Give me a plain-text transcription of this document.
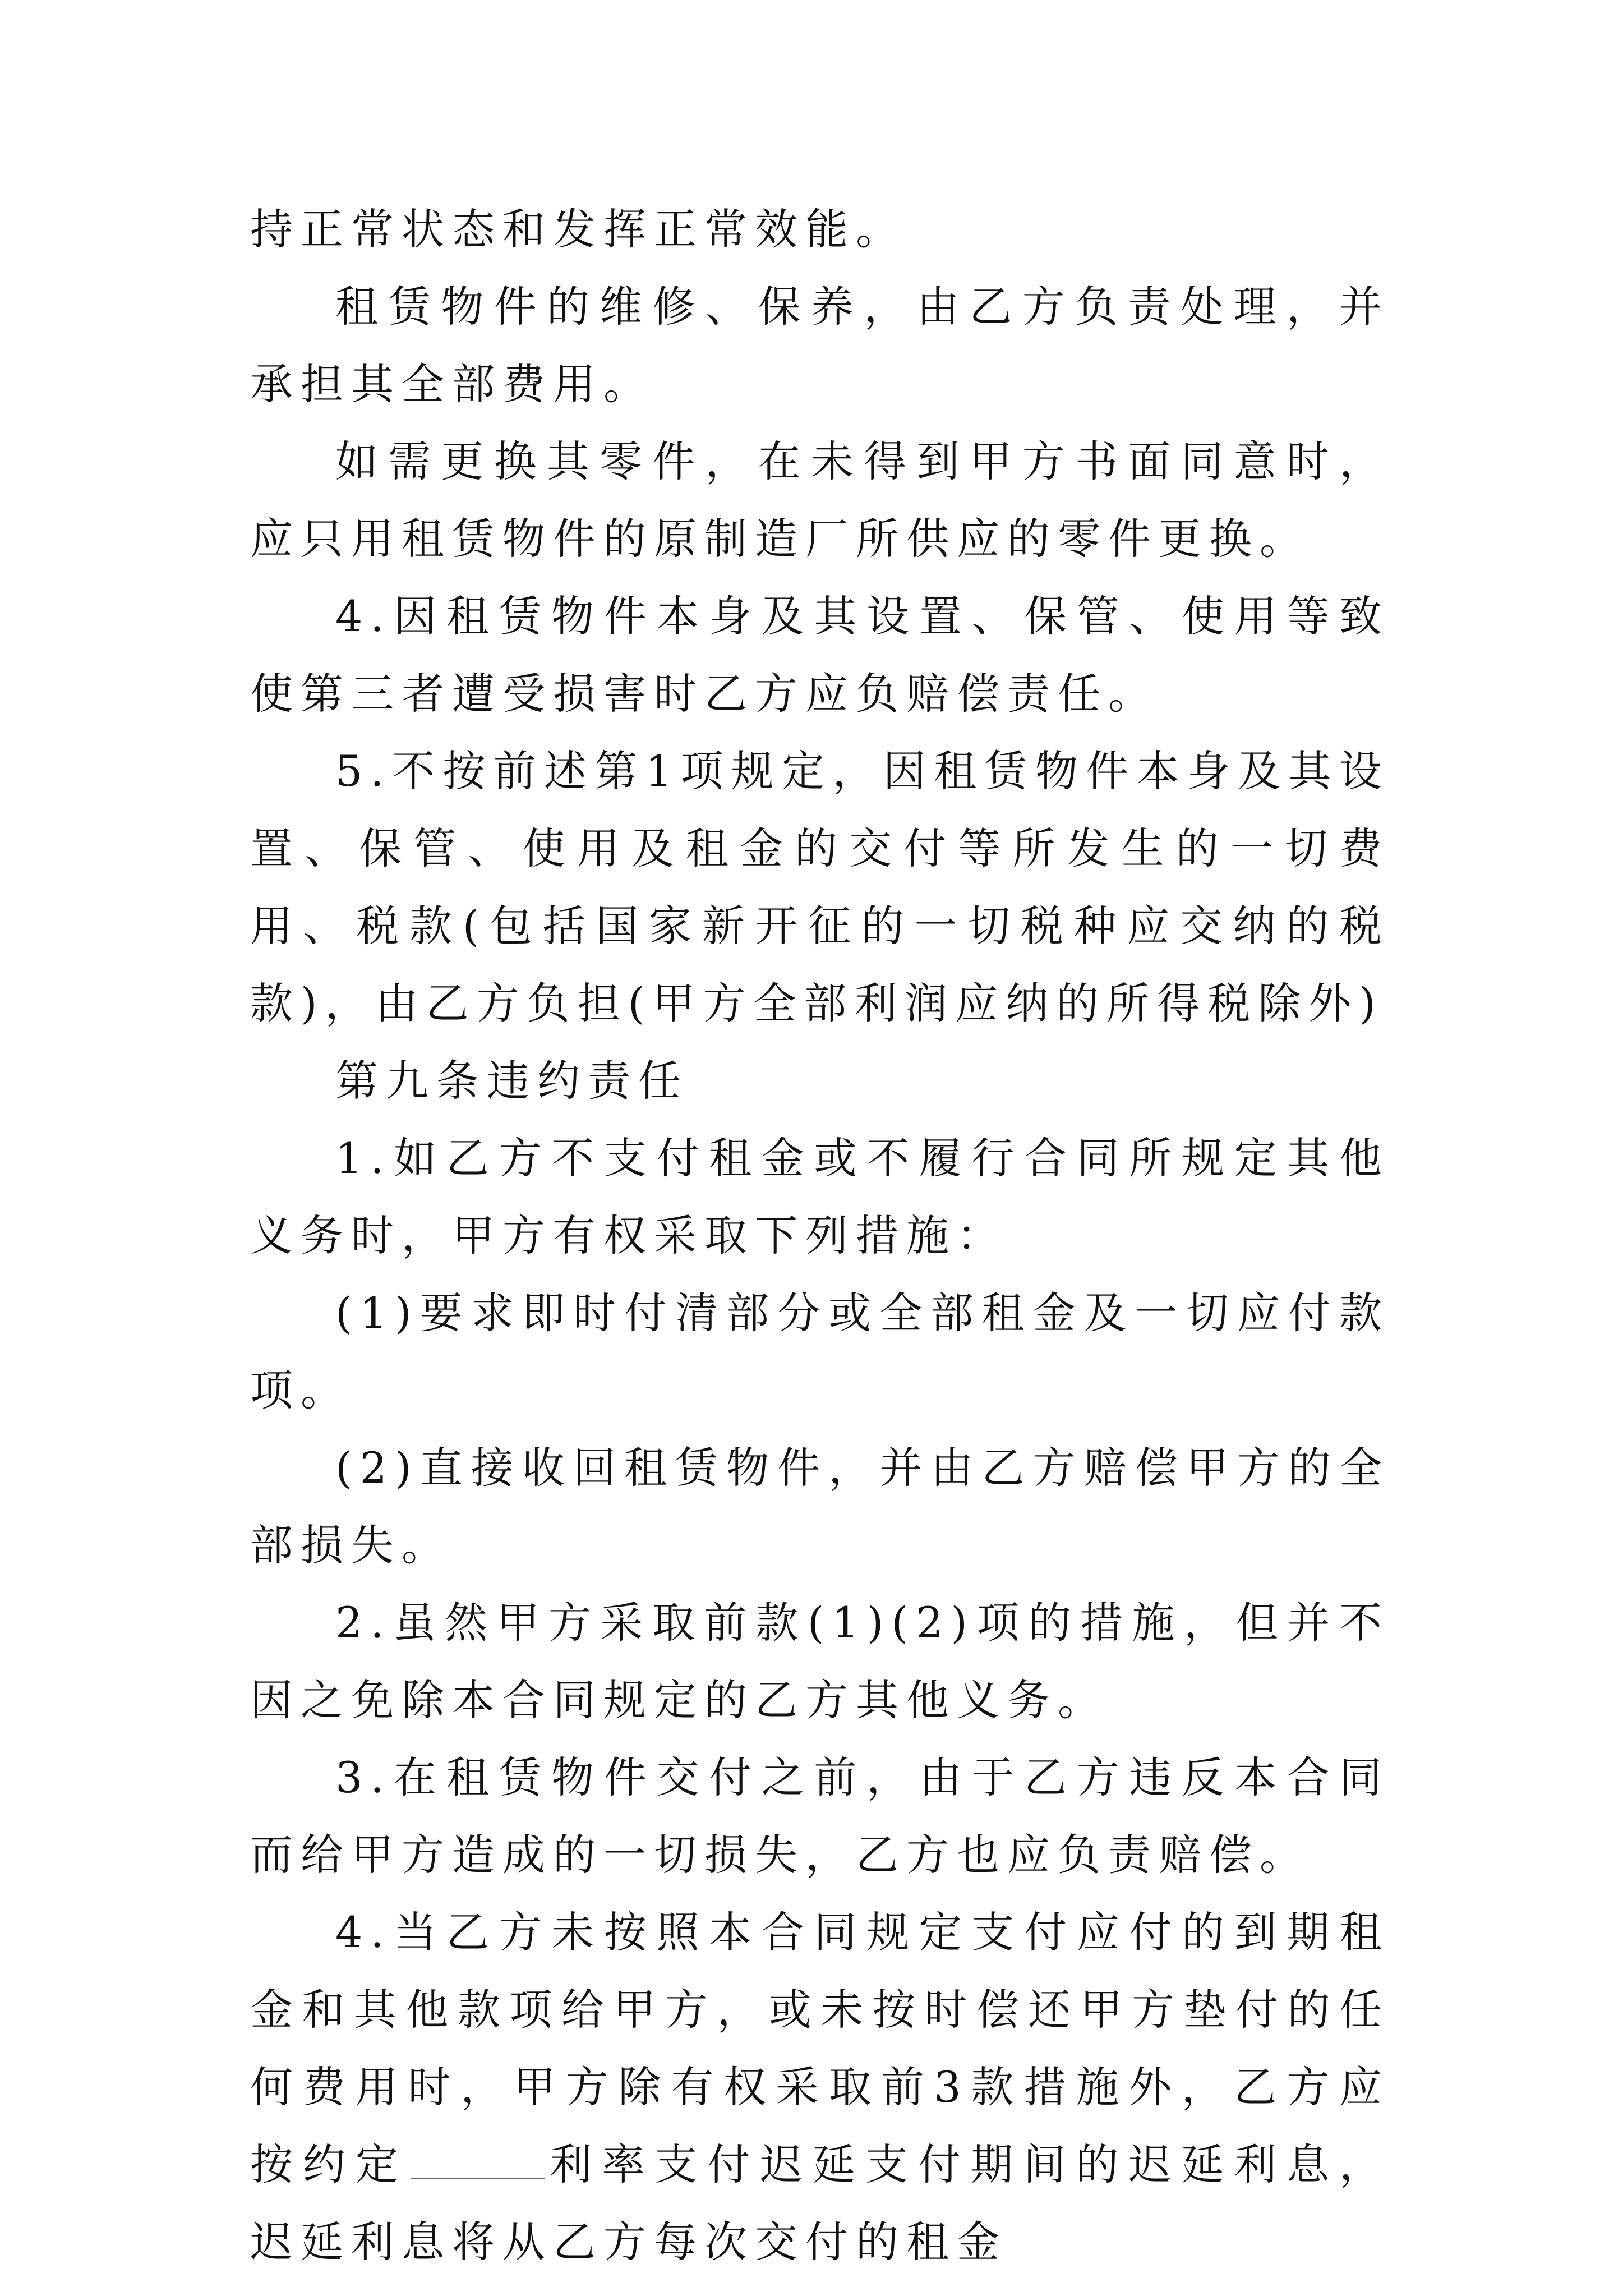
持正常状态和发挥正常效能。

租赁物件的维修、保养，由乙方负责处理，并承担其全部费用。

如需更换其零件，在未得到甲方书面同意时，应只用租赁物件的原制造厂所供应的零件更换。

4.因租赁物件本身及其设置、保管、使用等致使第三者遭受损害时乙方应负赔偿责任。

5.不按前述第1项规定，因租赁物件本身及其设置、保管、使用及租金的交付等所发生的一切费用、税款(包括国家新开征的一切税种应交纳的税款)，由乙方负担(甲方全部利润应纳的所得税除外)

第九条违约责任

1.如乙方不支付租金或不履行合同所规定其他义务时，甲方有权采取下列措施：

(1)要求即时付清部分或全部租金及一切应付款项。

(2)直接收回租赁物件，并由乙方赔偿甲方的全部损失。

2.虽然甲方采取前款(1)(2)项的措施，但并不因之免除本合同规定的乙方其他义务。

3.在租赁物件交付之前，由于乙方违反本合同而给甲方造成的一切损失，乙方也应负责赔偿。

4.当乙方未按照本合同规定支付应付的到期租金和其他款项给甲方，或未按时偿还甲方垫付的任何费用时，甲方除有权采取前3款措施外，乙方应按约定	利率支付迟延支付期间的迟延利息，迟延利息将从乙方每次交付的租金
